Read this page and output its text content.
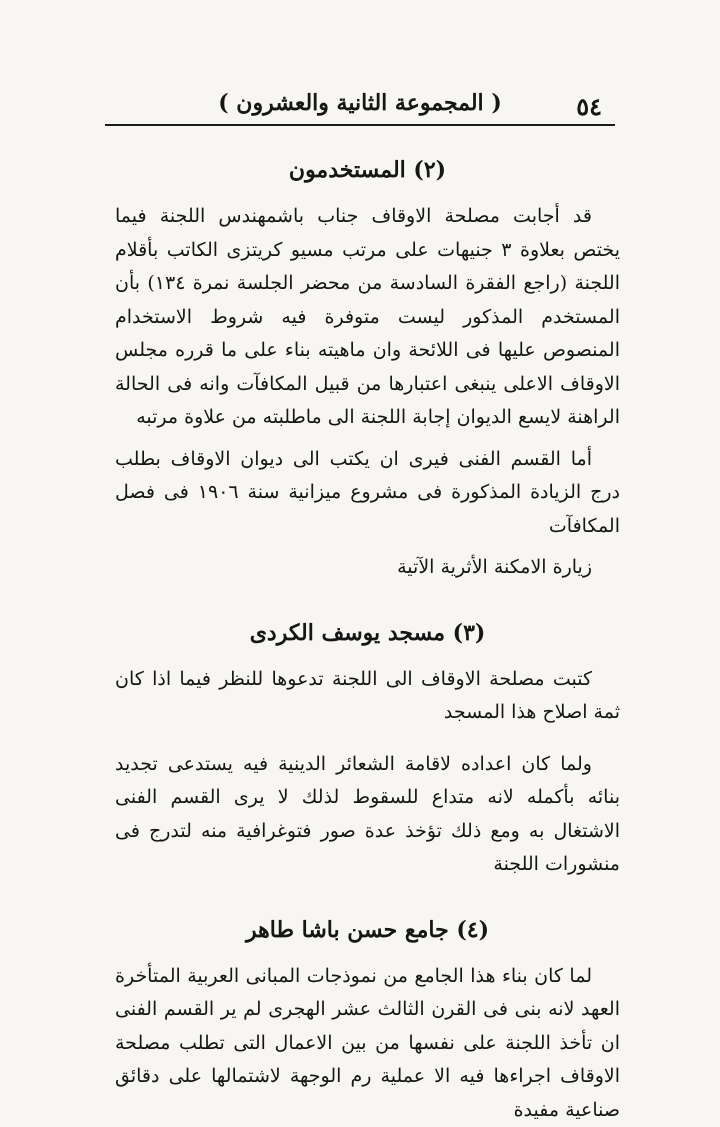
٥٤
( المجموعة الثانية والعشرون )
(٢) المستخدمون

قد أجابت مصلحة الاوقاف جناب باشمهندس اللجنة فيما يختص بعلاوة ٣ جنيهات على مرتب مسيو كريتزى الكاتب بأقلام اللجنة (راجع الفقرة السادسة من محضر الجلسة نمرة ١٣٤) بأن المستخدم المذكور ليست متوفرة فيه شروط الاستخدام المنصوص عليها فى اللائحة وان ماهيته بناء على ما قرره مجلس الاوقاف الاعلى ينبغى اعتبارها من قبيل المكافآت وانه فى الحالة الراهنة لايسع الديوان إجابة اللجنة الى ماطلبته من علاوة مرتبه

أما القسم الفنى فيرى ان يكتب الى ديوان الاوقاف بطلب درج الزيادة المذكورة فى مشروع ميزانية سنة ١٩٠٦ فى فصل المكافآت

زيارة الامكنة الأثرية الآتية

(٣) مسجد يوسف الكردى

كتبت مصلحة الاوقاف الى اللجنة تدعوها للنظر فيما اذا كان ثمة اصلاح هذا المسجد

ولما كان اعداده لاقامة الشعائر الدينية فيه يستدعى تجديد بنائه بأكمله لانه متداع للسقوط لذلك لا يرى القسم الفنى الاشتغال به ومع ذلك تؤخذ عدة صور فتوغرافية منه لتدرج فى منشورات اللجنة

(٤) جامع حسن باشا طاهر

لما كان بناء هذا الجامع من نموذجات المبانى العربية المتأخرة العهد لانه بنى فى القرن الثالث عشر الهجرى لم ير القسم الفنى ان تأخذ اللجنة على نفسها من بين الاعمال التى تطلب مصلحة الاوقاف اجراءها فيه الا عملية رم الوجهة لاشتمالها على دقائق صناعية مفيدة
